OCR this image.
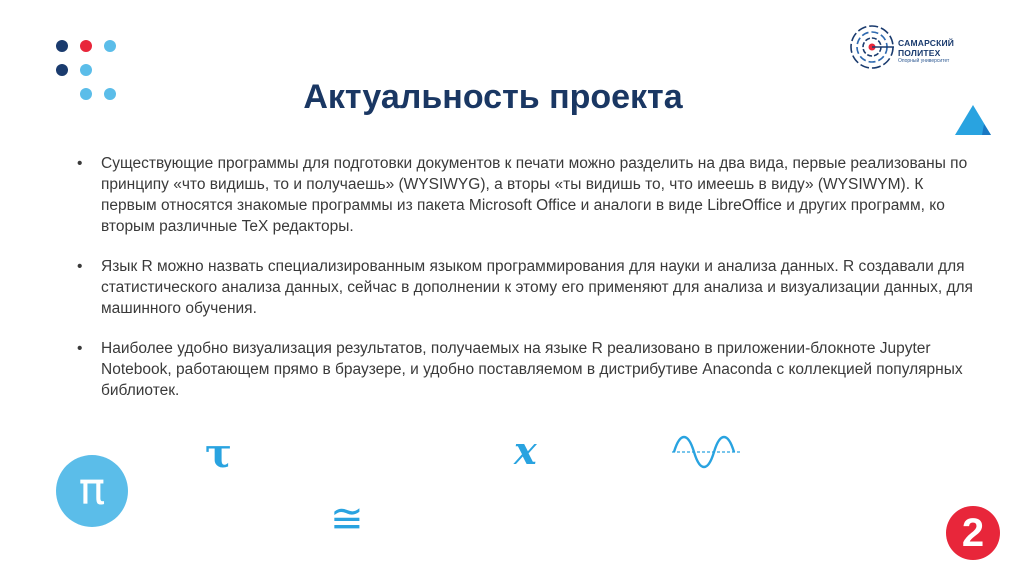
САМАРСКИЙ
ПОЛИТЕХ
Опорный университет
Актуальность проекта
• Существующие программы для подготовки документов к печати можно разделить на два вида, первые реализованы по принципу «что видишь, то и получаешь» (WYSIWYG), а вторы «ты видишь то, что имеешь в виду» (WYSIWYM). К первым относятся знакомые программы из пакета Microsoft Office и аналоги в виде LibreOffice и других программ, ко вторым различные TeX редакторы.
• Язык R можно назвать специализированным языком программирования для науки и анализа данных. R создавали для статистического анализа данных, сейчас в дополнении к этому его применяют для анализа и визуализации данных, для машинного обучения.
• Наиболее удобно визуализация результатов, получаемых на языке R реализовано в приложении-блокноте Jupyter Notebook, работающем прямо в браузере, и удобно поставляемом в дистрибутиве Anaconda с коллекцией популярных библиотек.
τ	x
≅
π
2
